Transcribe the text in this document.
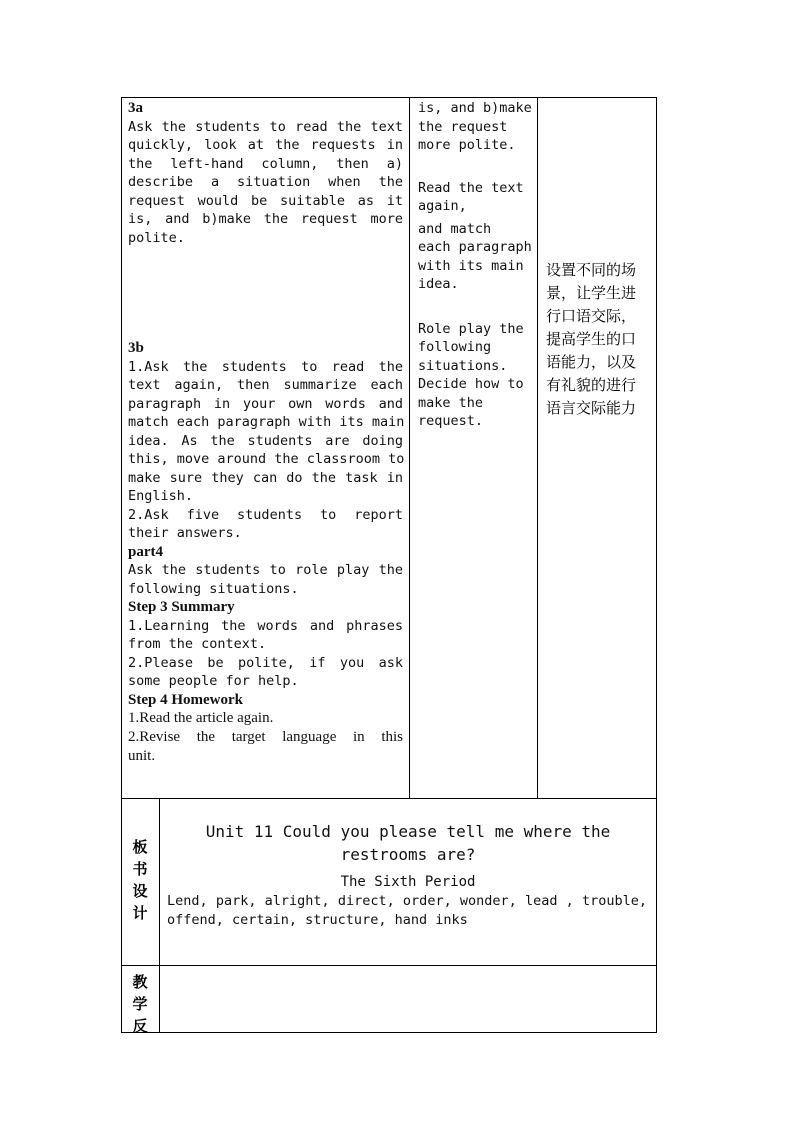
3a
Ask the students to read the text
quickly, look at the requests in
the left-hand column, then a)
describe a situation when the
request would be suitable as it
is, and b)make the request more
polite.
3b
1.Ask the students to read the
text again, then summarize each
paragraph in your own words and
match each paragraph with its main
idea. As the students are doing
this, move around the classroom to
make sure they can do the task in
English.
2.Ask five students to report
their answers.
part4
Ask the students to role play the
following situations.
Step 3 Summary
1.Learning the words and phrases
from the context.
2.Please be polite, if you ask
some people for help.
Step 4 Homework
1.Read the article again.
2.Revise the target language in this
unit.
is, and b)make
the request
more polite.
Read the text
again,
and match
each paragraph
with its main
idea.
Role play the
following
situations.
Decide how to
make the
request.
设置不同的场
景，让学生进
行口语交际，
提高学生的口
语能力，以及
有礼貌的进行
语言交际能力
板
书
设
计
Unit 11 Could you please tell me where the
restrooms are?
The Sixth Period
Lend, park, alright, direct, order, wonder, lead , trouble,
offend, certain, structure, hand inks
教
学
反
